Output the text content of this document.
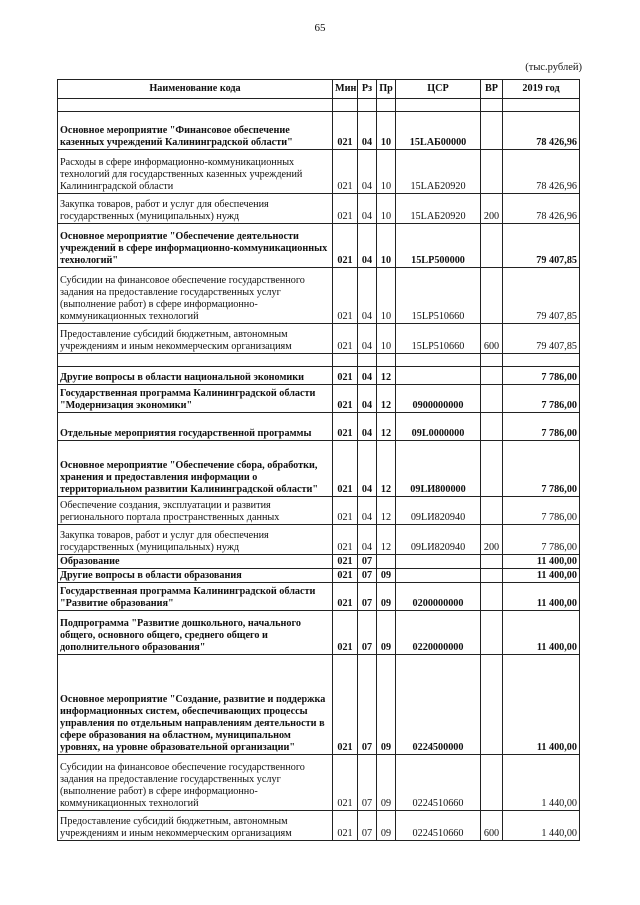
65
(тыс.рублей)
Наименование кода	Мин	Рз	Пр	ЦСР	ВР	2019 год

Основное мероприятие "Финансовое обеспечение казенных учреждений Калининградской области"	021	04	10	15LАБ00000		78 426,96
Расходы в сфере информационно-коммуникационных технологий для государственных казенных учреждений Калининградской области	021	04	10	15LАБ20920		78 426,96
Закупка товаров, работ и услуг для обеспечения государственных (муниципальных) нужд	021	04	10	15LАБ20920	200	78 426,96
Основное мероприятие "Обеспечение деятельности учреждений в сфере информационно-коммуникационных технологий"	021	04	10	15LP500000		79 407,85
Субсидии на финансовое обеспечение государственного задания на предоставление государственных услуг (выполнение работ) в сфере информационно-коммуникационных технологий	021	04	10	15LP510660		79 407,85
Предоставление субсидий бюджетным, автономным учреждениям и иным некоммерческим организациям	021	04	10	15LP510660	600	79 407,85

Другие вопросы в области национальной экономики	021	04	12			7 786,00
Государственная программа Калининградской области "Модернизация экономики"	021	04	12	0900000000		7 786,00
Отдельные мероприятия государственной программы	021	04	12	09L0000000		7 786,00
Основное мероприятие "Обеспечение сбора, обработки, хранения и предоставления информации о территориальном развитии Калининградской области"	021	04	12	09LИ800000		7 786,00
Обеспечение создания, эксплуатации и развития регионального портала пространственных данных	021	04	12	09LИ820940		7 786,00
Закупка товаров, работ и услуг для обеспечения государственных (муниципальных) нужд	021	04	12	09LИ820940	200	7 786,00
Образование	021	07				11 400,00
Другие вопросы в области образования	021	07	09			11 400,00
Государственная программа Калининградской области "Развитие образования"	021	07	09	0200000000		11 400,00
Подпрограмма "Развитие дошкольного, начального общего, основного общего, среднего общего и дополнительного образования"	021	07	09	0220000000		11 400,00
Основное мероприятие "Создание, развитие и поддержка информационных систем, обеспечивающих процессы управления по отдельным направлениям деятельности в сфере образования на областном, муниципальном уровнях, на уровне образовательной организации"	021	07	09	0224500000		11 400,00
Субсидии на финансовое обеспечение государственного задания на предоставление государственных услуг (выполнение работ) в сфере информационно-коммуникационных технологий	021	07	09	0224510660		1 440,00
Предоставление субсидий бюджетным, автономным учреждениям и иным некоммерческим организациям	021	07	09	0224510660	600	1 440,00
